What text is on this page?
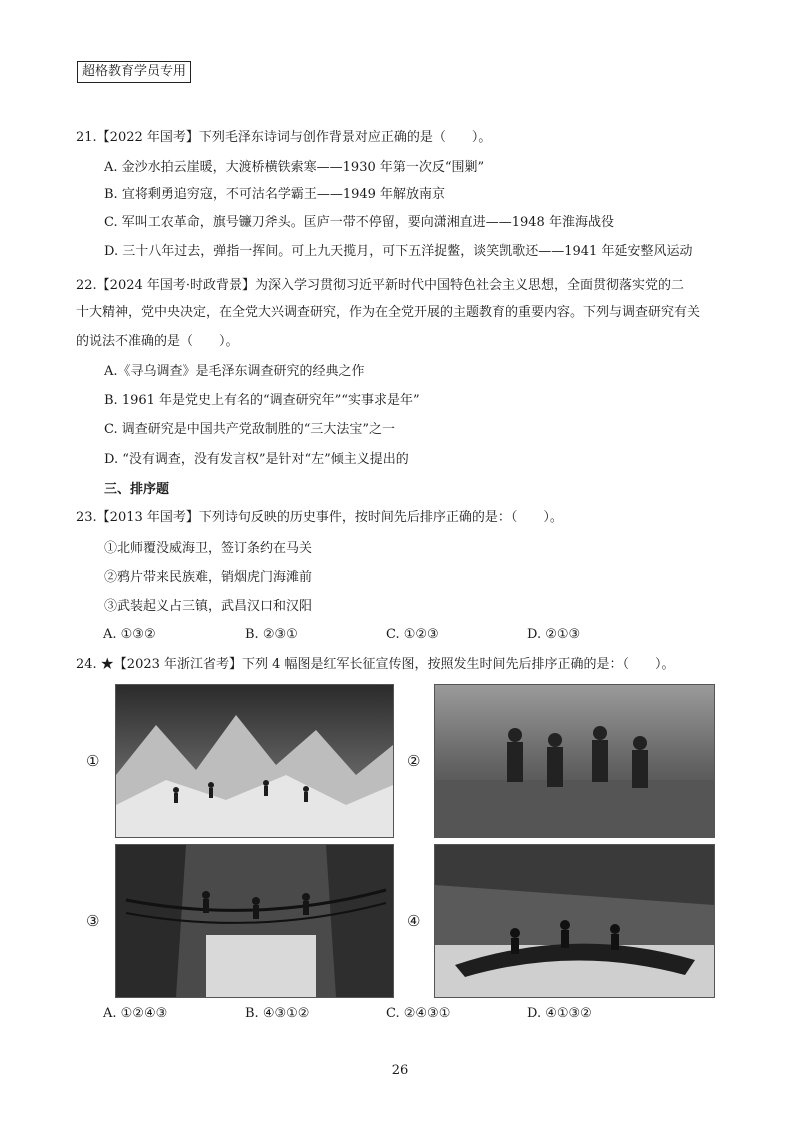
超格教育学员专用
21.【2022 年国考】下列毛泽东诗词与创作背景对应正确的是（　　）。
A. 金沙水拍云崖暖，大渡桥横铁索寒——1930 年第一次反“围剿”
B. 宜将剩勇追穷寇，不可沽名学霸王——1949 年解放南京
C. 军叫工农革命，旗号镰刀斧头。匡庐一带不停留，要向潇湘直进——1948 年淮海战役
D. 三十八年过去，弹指一挥间。可上九天揽月，可下五洋捉鳖，谈笑凯歌还——1941 年延安整风运动
22.【2024 年国考·时政背景】为深入学习贯彻习近平新时代中国特色社会主义思想，全面贯彻落实党的二
十大精神，党中央决定，在全党大兴调查研究，作为在全党开展的主题教育的重要内容。下列与调查研究有关
的说法不准确的是（　　）。
A.《寻乌调查》是毛泽东调查研究的经典之作
B. 1961 年是党史上有名的“调查研究年”“实事求是年”
C. 调查研究是中国共产党敌制胜的“三大法宝”之一
D. “没有调查，没有发言权”是针对“左”倾主义提出的
三、排序题
23.【2013 年国考】下列诗句反映的历史事件，按时间先后排序正确的是：（　　）。
①北师覆没威海卫，签订条约在马关
②鸦片带来民族难，销烟虎门海滩前
③武装起义占三镇，武昌汉口和汉阳
A. ①③②	B. ②③①	C. ①②③	D. ②①③
24. ★【2023 年浙江省考】下列 4 幅图是红军长征宣传图，按照发生时间先后排序正确的是：（　　）。
①	②
③	④
A. ①②④③	B. ④③①②	C. ②④③①	D. ④①③②
26
